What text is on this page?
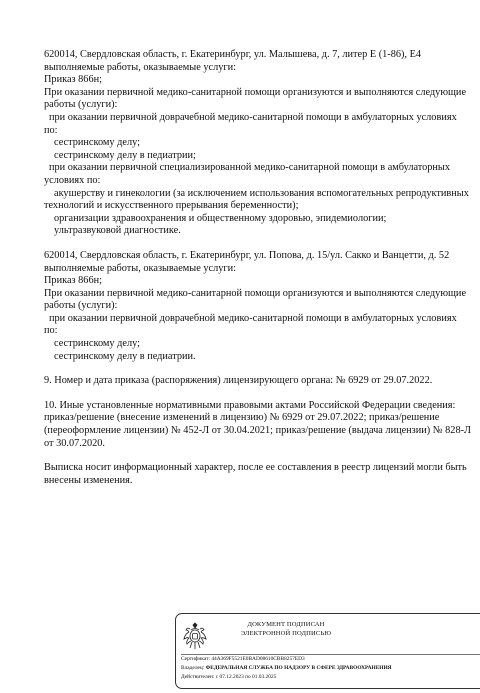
620014, Свердловская область, г. Екатеринбург, ул. Малышева, д. 7, литер Е (1-86), Е4
выполняемые работы, оказываемые услуги:
Приказ 866н;
При оказании первичной медико-санитарной помощи организуются и выполняются следующие
работы (услуги):
при оказании первичной доврачебной медико-санитарной помощи в амбулаторных условиях
по:
сестринскому делу;
сестринскому делу в педиатрии;
при оказании первичной специализированной медико-санитарной помощи в амбулаторных
условиях по:
акушерству и гинекологии (за исключением использования вспомогательных репродуктивных
технологий и искусственного прерывания беременности);
организации здравоохранения и общественному здоровью, эпидемиологии;
ультразвуковой диагностике.
620014, Свердловская область, г. Екатеринбург, ул. Попова, д. 15/ул. Сакко и Ванцетти, д. 52
выполняемые работы, оказываемые услуги:
Приказ 866н;
При оказании первичной медико-санитарной помощи организуются и выполняются следующие
работы (услуги):
при оказании первичной доврачебной медико-санитарной помощи в амбулаторных условиях
по:
сестринскому делу;
сестринскому делу в педиатрии.
9. Номер и дата приказа (распоряжения) лицензирующего органа: № 6929 от 29.07.2022.
10. Иные установленные нормативными правовыми актами Российской Федерации сведения:
приказ/решение (внесение изменений в лицензию) № 6929 от 29.07.2022; приказ/решение
(переоформление лицензии) № 452-Л от 30.04.2021; приказ/решение (выдача лицензии) № 828-Л
от 30.07.2020.
Выписка носит информационный характер, после ее составления в реестр лицензий могли быть
внесены изменения.
ДОКУМЕНТ ПОДПИСАН
ЭЛЕКТРОННОЙ ПОДПИСЬЮ
Сертификат: 44A369F5521E0BAD08610CBB8257ED3
Владелец: ФЕДЕРАЛЬНАЯ СЛУЖБА ПО НАДЗОРУ В СФЕРЕ ЗДРАВООХРАНЕНИЯ
Действителен: с 07.12.2023 по 01.03.2025
